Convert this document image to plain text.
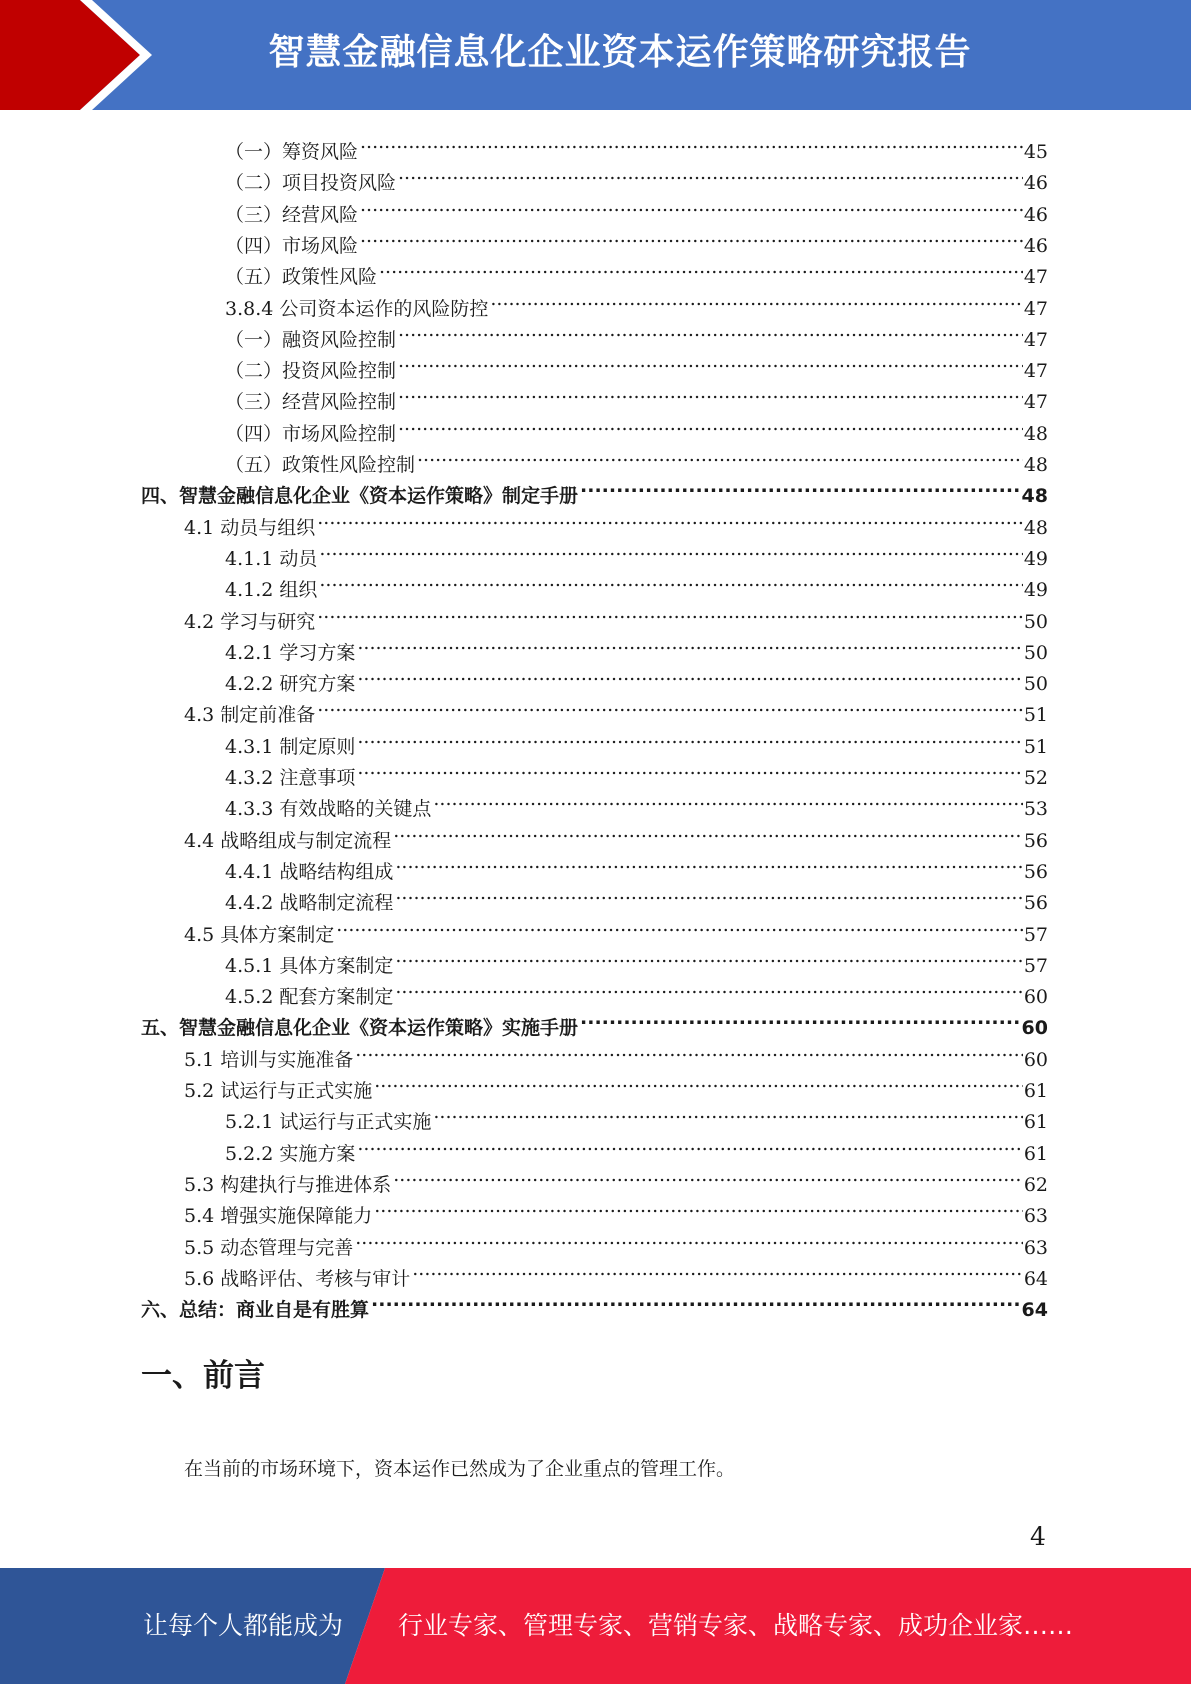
智慧金融信息化企业资本运作策略研究报告
（一）筹资风险 .....	45
（二）项目投资风险 .....	46
（三）经营风险 .....	46
（四）市场风险 .....	46
（五）政策性风险 .....	47
3.8.4 公司资本运作的风险防控 .....	47
（一）融资风险控制 .....	47
（二）投资风险控制 .....	47
（三）经营风险控制 .....	47
（四）市场风险控制 .....	48
（五）政策性风险控制 .....	48
四、智慧金融信息化企业《资本运作策略》制定手册 .....	48
4.1 动员与组织 .....	48
4.1.1 动员 .....	49
4.1.2 组织 .....	49
4.2 学习与研究 .....	50
4.2.1 学习方案 .....	50
4.2.2 研究方案 .....	50
4.3 制定前准备 .....	51
4.3.1 制定原则 .....	51
4.3.2 注意事项 .....	52
4.3.3 有效战略的关键点 .....	53
4.4 战略组成与制定流程 .....	56
4.4.1 战略结构组成 .....	56
4.4.2 战略制定流程 .....	56
4.5 具体方案制定 .....	57
4.5.1 具体方案制定 .....	57
4.5.2 配套方案制定 .....	60
五、智慧金融信息化企业《资本运作策略》实施手册 .....	60
5.1 培训与实施准备 .....	60
5.2 试运行与正式实施 .....	61
5.2.1 试运行与正式实施 .....	61
5.2.2 实施方案 .....	61
5.3 构建执行与推进体系 .....	62
5.4 增强实施保障能力 .....	63
5.5 动态管理与完善 .....	63
5.6 战略评估、考核与审计 .....	64
六、总结：商业自是有胜算 .....	64
一、前言
在当前的市场环境下，资本运作已然成为了企业重点的管理工作。
4
让每个人都能成为 行业专家、管理专家、营销专家、战略专家、成功企业家……
